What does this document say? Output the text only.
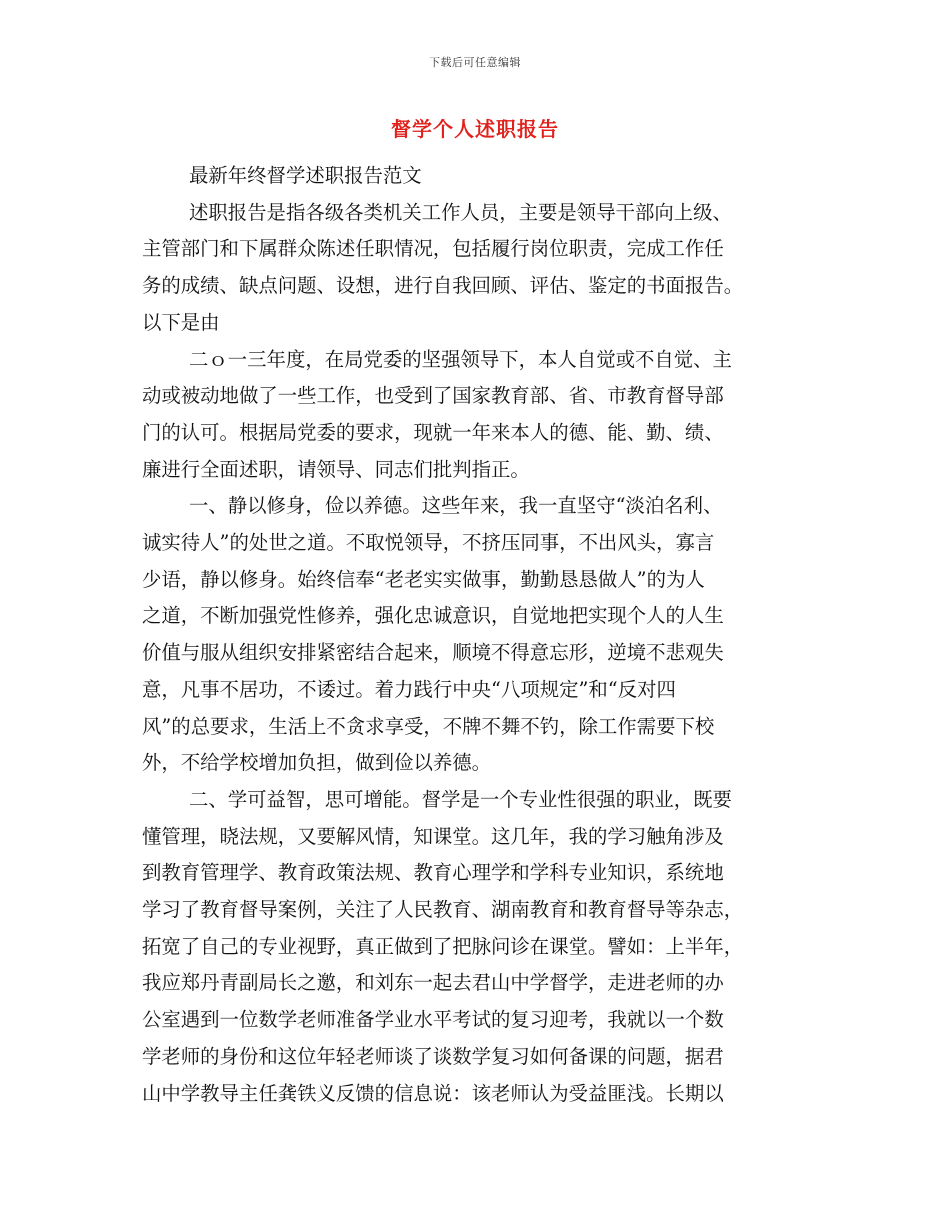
下载后可任意编辑
督学个人述职报告

最新年终督学述职报告范文

述职报告是指各级各类机关工作人员，主要是领导干部向上级、
主管部门和下属群众陈述任职情况，包括履行岗位职责，完成工作任
务的成绩、缺点问题、设想，进行自我回顾、评估、鉴定的书面报告。
以下是由
二ｏ一三年度，在局党委的坚强领导下，本人自觉或不自觉、主
动或被动地做了一些工作，也受到了国家教育部、省、市教育督导部
门的认可。根据局党委的要求，现就一年来本人的德、能、勤、绩、
廉进行全面述职，请领导、同志们批判指正。
一、静以修身，俭以养德。这些年来，我一直坚守“淡泊名利、
诚实待人”的处世之道。不取悦领导，不挤压同事，不出风头，寡言
少语，静以修身。始终信奉“老老实实做事，勤勤恳恳做人”的为人
之道，不断加强党性修养，强化忠诚意识，自觉地把实现个人的人生
价值与服从组织安排紧密结合起来，顺境不得意忘形，逆境不悲观失
意，凡事不居功，不诿过。着力践行中央“八项规定”和“反对四
风”的总要求，生活上不贪求享受，不牌不舞不钓，除工作需要下校
外，不给学校增加负担，做到俭以养德。
二、学可益智，思可增能。督学是一个专业性很强的职业，既要
懂管理，晓法规，又要解风情，知课堂。这几年，我的学习触角涉及
到教育管理学、教育政策法规、教育心理学和学科专业知识，系统地
学习了教育督导案例，关注了人民教育、湖南教育和教育督导等杂志，
拓宽了自己的专业视野，真正做到了把脉问诊在课堂。譬如：上半年，
我应郑丹青副局长之邀，和刘东一起去君山中学督学，走进老师的办
公室遇到一位数学老师准备学业水平考试的复习迎考，我就以一个数
学老师的身份和这位年轻老师谈了谈数学复习如何备课的问题，据君
山中学教导主任龚铁义反馈的信息说：该老师认为受益匪浅。长期以
